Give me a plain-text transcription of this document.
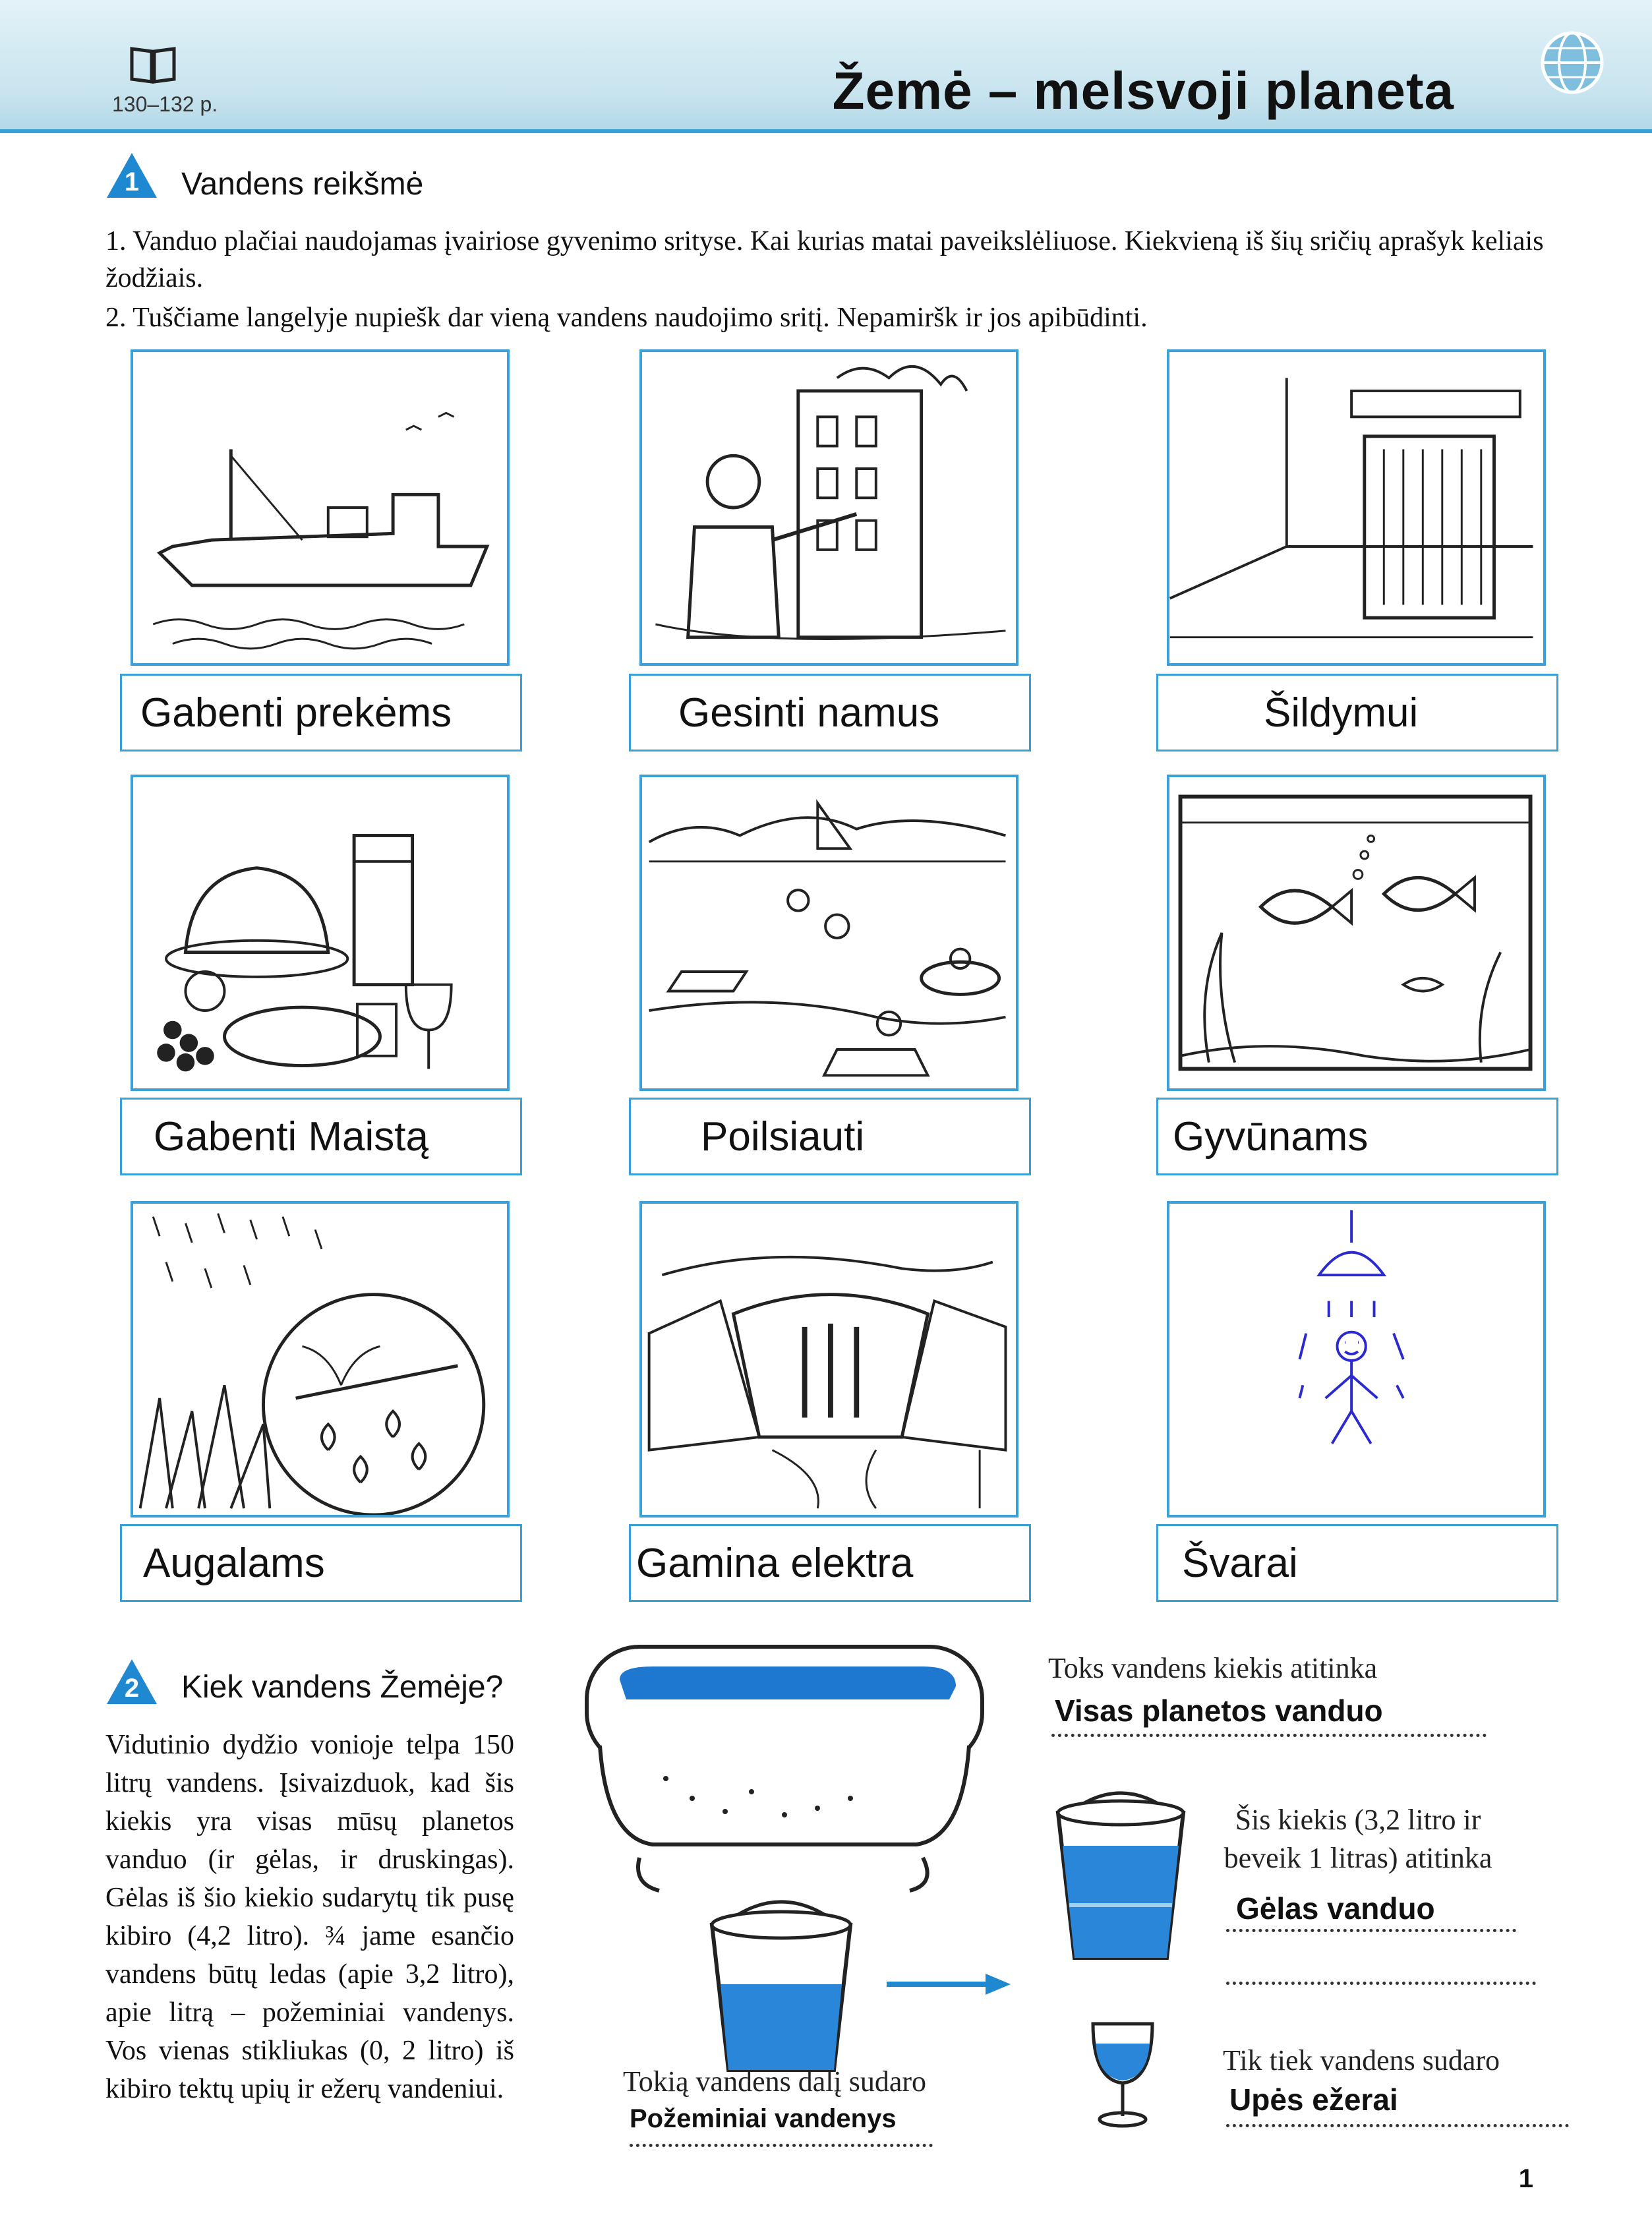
130–132 p.	Žemė – melsvoji planeta
1	Vandens reikšmė
1. Vanduo plačiai naudojamas įvairiose gyvenimo srityse. Kai kurias matai paveikslėliuose. Kiekvieną iš šių sričių aprašyk keliais žodžiais.
2. Tuščiame langelyje nupiešk dar vieną vandens naudojimo sritį. Nepamiršk ir jos apibūdinti.
Gabenti prekėms	Gesinti namus	Šildymui
Gabenti Maistą	Poilsiauti	Gyvūnams
Augalams	Gamina elektra	Švarai
2	Kiek vandens Žemėje?
Vidutinio dydžio vonioje telpa 150 litrų vandens. Įsivaizduok, kad šis kiekis yra visas mūsų planetos vanduo (ir gėlas, ir druskingas). Gėlas iš šio kiekio sudarytų tik pusę kibiro (4,2 litro). ¾ jame esančio vandens būtų ledas (apie 3,2 litro), apie litrą – požeminiai vandenys. Vos vienas stikliukas (0, 2 litro) iš kibiro tektų upių ir ežerų vandeniui.
Toks vandens kiekis atitinka
Visas planetos vanduo
Tokią vandens dalį sudaro
Požeminiai vandenys
Šis kiekis (3,2 litro ir beveik 1 litras) atitinka
Gėlas vanduo
Tik tiek vandens sudaro
Upės ežerai
1
